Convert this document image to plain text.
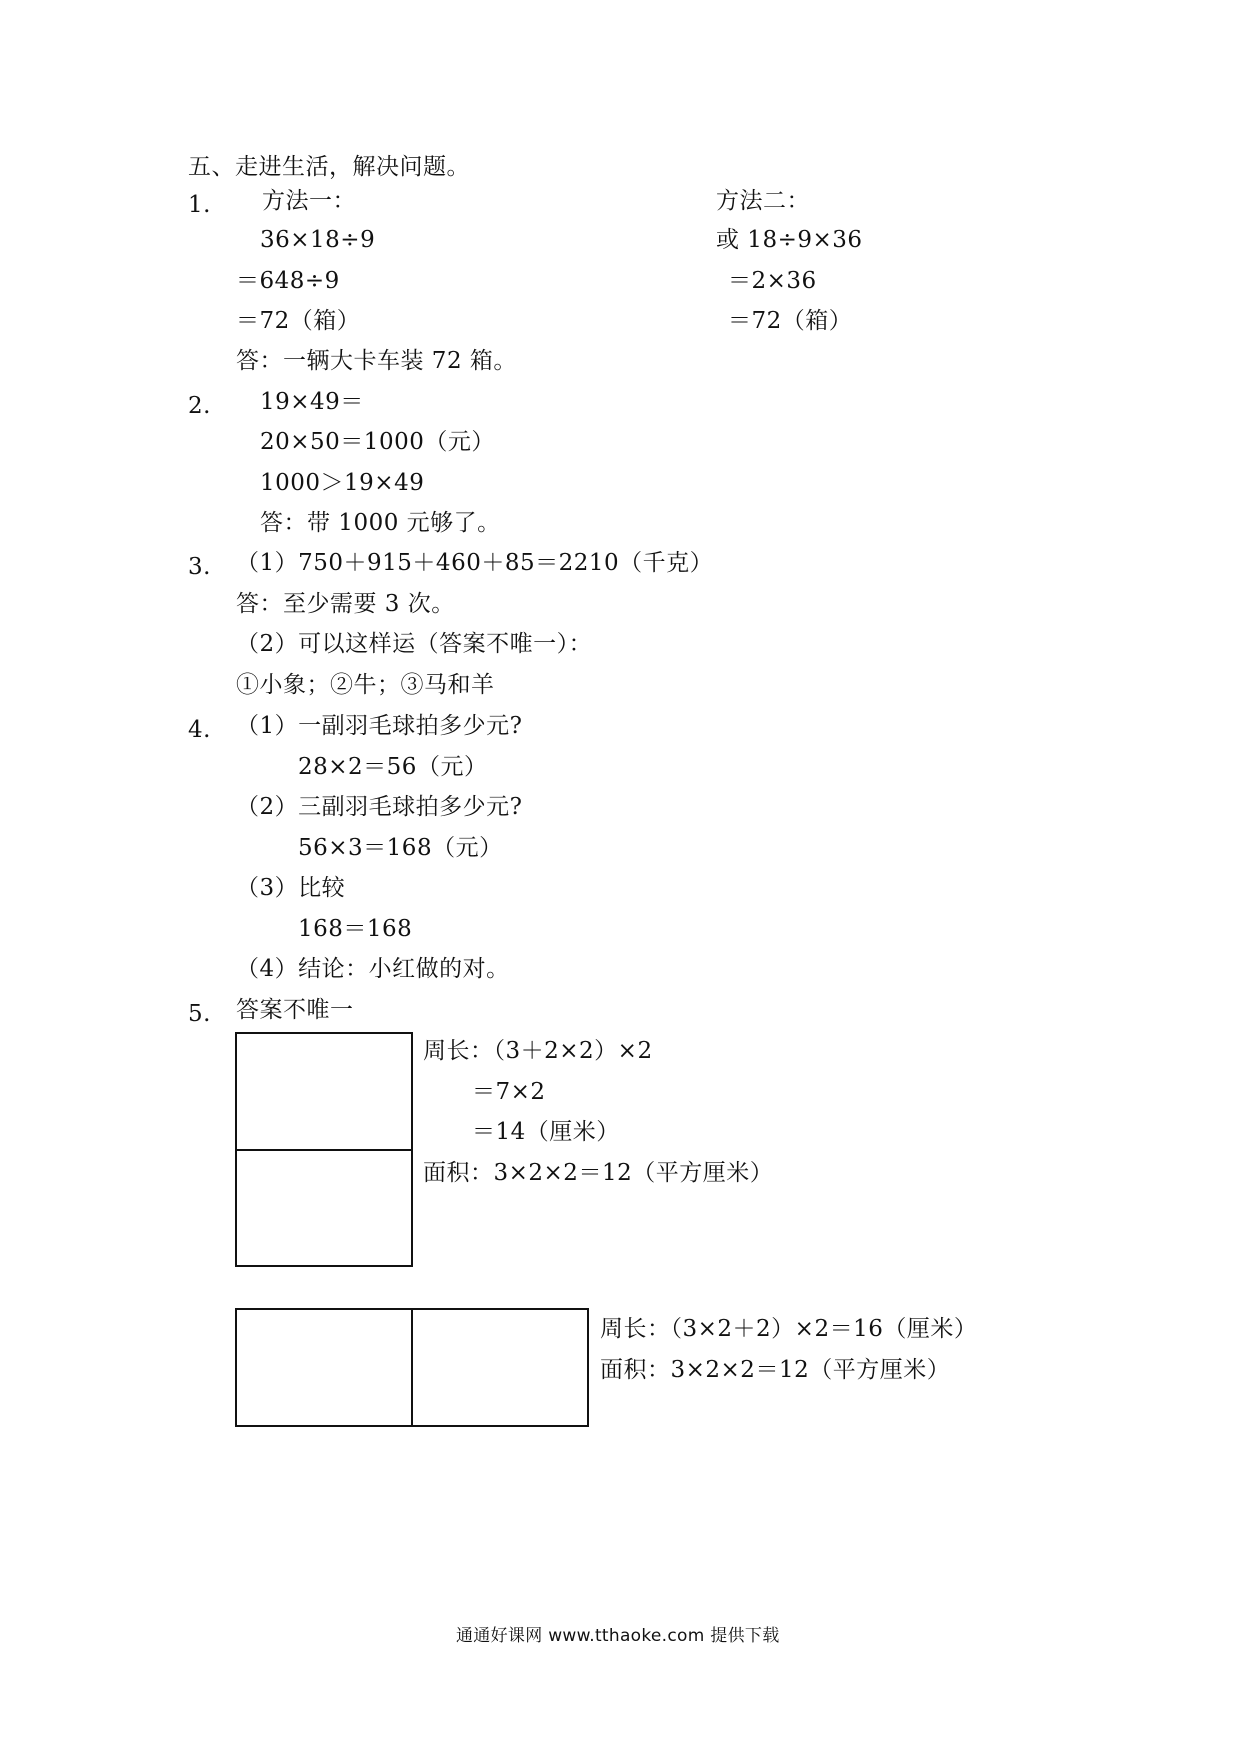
五、走进生活，解决问题。
1. 方法一：
36×18÷9
＝648÷9
＝72（箱）
方法二：
或 18÷9×36
＝2×36
＝72（箱）
答：一辆大卡车装 72 箱。
2. 19×49＝
20×50＝1000（元）
1000＞19×49
答：带 1000 元够了。
3. （1）750＋915＋460＋85＝2210（千克）
答：至少需要 3 次。
（2）可以这样运（答案不唯一）：
①小象；②牛；③马和羊
4. （1）一副羽毛球拍多少元?
28×2＝56（元）
（2）三副羽毛球拍多少元?
56×3＝168（元）
（3）比较
168＝168
（4）结论：小红做的对。
5. 答案不唯一
周长：（3＋2×2）×2
＝7×2
＝14（厘米）
面积：3×2×2＝12（平方厘米）
周长：（3×2＋2）×2＝16（厘米）
面积：3×2×2＝12（平方厘米）
通通好课网 www.tthaoke.com 提供下载
